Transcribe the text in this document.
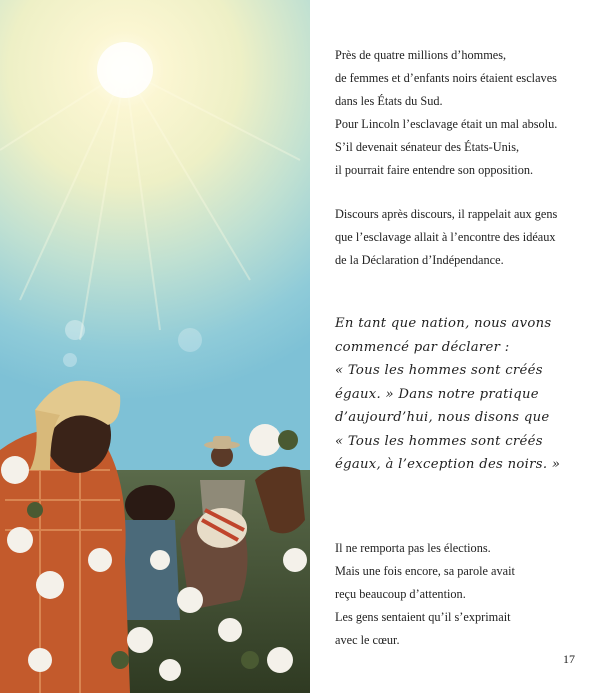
Près de quatre millions d’hommes,

de femmes et d’enfants noirs étaient esclaves

dans les États du Sud.

Pour Lincoln l’esclavage était un mal absolu.

S’il devenait sénateur des États-Unis,

il pourrait faire entendre son opposition.

Discours après discours, il rappelait aux gens

que l’esclavage allait à l’encontre des idéaux

de la Déclaration d’Indépendance.

En tant que nation, nous avons

commencé par déclarer :

« Tous les hommes sont créés

égaux. » Dans notre pratique

d’aujourd’hui, nous disons que

« Tous les hommes sont créés

égaux, à l’exception des noirs. »

Il ne remporta pas les élections.

Mais une fois encore, sa parole avait

reçu beaucoup d’attention.

Les gens sentaient qu’il s’exprimait

avec le cœur.

17
